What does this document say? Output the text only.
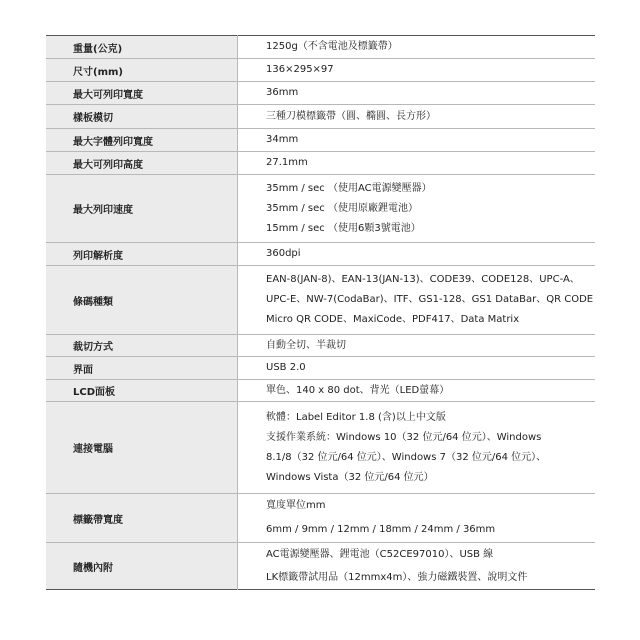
重量(公克)	1250g（不含電池及標籤帶）

尺寸(mm)	136×295×97

最大可列印寬度	36mm

樣板模切	三種刀模標籤帶（圓、橢圓、長方形）

最大字體列印寬度	34mm

最大可列印高度	27.1mm

最大列印速度	35mm / sec （使用AC電源變壓器）
35mm / sec （使用原廠鋰電池）
15mm / sec （使用6顆3號電池）

列印解析度	360dpi

條碼種類	EAN-8(JAN-8)、EAN-13(JAN-13)、CODE39、CODE128、UPC-A、
UPC-E、NW-7(CodaBar)、ITF、GS1-128、GS1 DataBar、QR CODE
Micro QR CODE、MaxiCode、PDF417、Data Matrix

裁切方式	自動全切、半裁切

界面	USB 2.0

LCD面板	單色、140 x 80 dot、背光（LED螢幕）

連接電腦	軟體：Label Editor 1.8 (含)以上中文版
支援作業系統：Windows 10（32 位元/64 位元）、Windows
8.1/8（32 位元/64 位元）、Windows 7（32 位元/64 位元）、
Windows Vista（32 位元/64 位元）

標籤帶寬度	寬度單位mm
6mm / 9mm / 12mm / 18mm / 24mm / 36mm

隨機內附	AC電源變壓器、鋰電池（C52CE97010）、USB 線
LK標籤帶試用品（12mmx4m）、強力磁鐵裝置、說明文件
